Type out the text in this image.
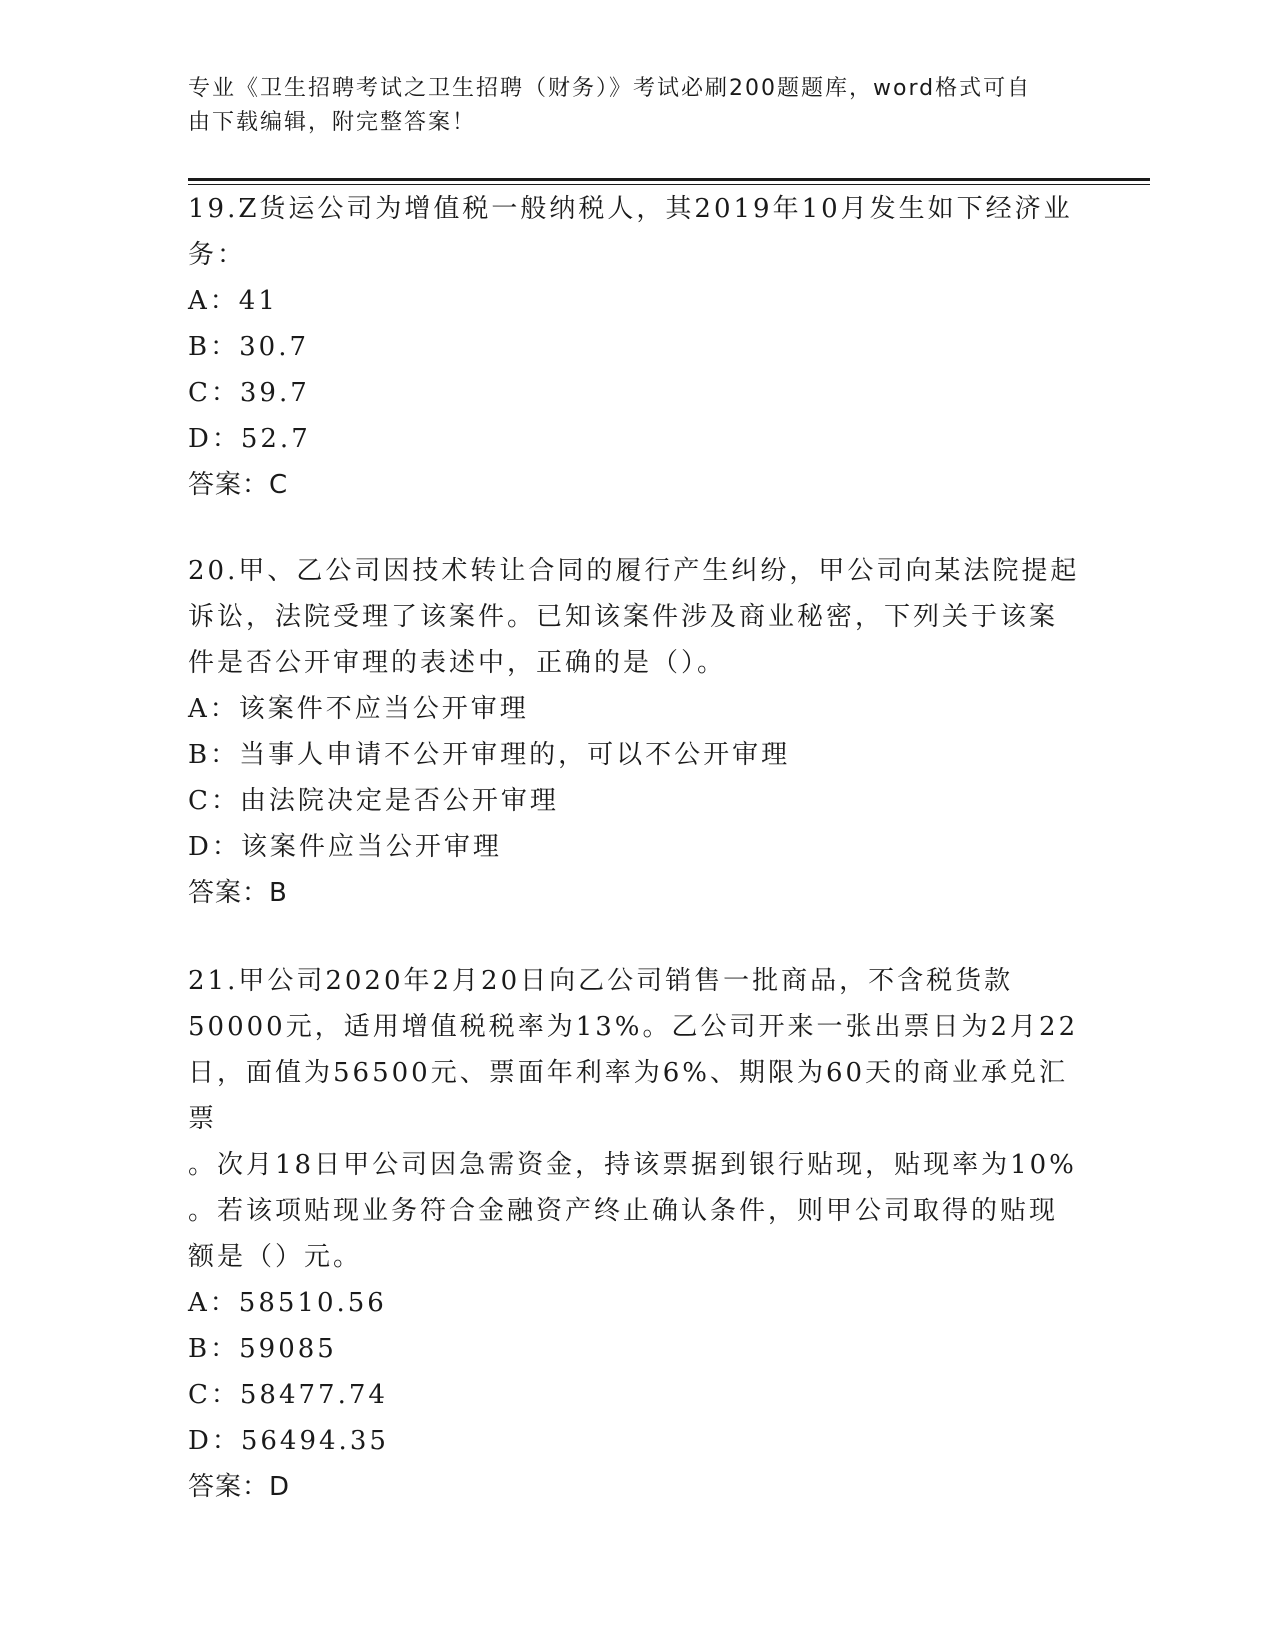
专业《卫生招聘考试之卫生招聘（财务）》考试必刷200题题库，word格式可自
由下载编辑，附完整答案！
19.Z货运公司为增值税一般纳税人，其2019年10月发生如下经济业
务：
A：41
B：30.7
C：39.7
D：52.7
答案：C
20.甲、乙公司因技术转让合同的履行产生纠纷，甲公司向某法院提起
诉讼，法院受理了该案件。已知该案件涉及商业秘密，下列关于该案
件是否公开审理的表述中，正确的是（）。
A：该案件不应当公开审理
B：当事人申请不公开审理的，可以不公开审理
C：由法院决定是否公开审理
D：该案件应当公开审理
答案：B
21.甲公司2020年2月20日向乙公司销售一批商品，不含税货款
50000元，适用增值税税率为13%。乙公司开来一张出票日为2月22
日，面值为56500元、票面年利率为6%、期限为60天的商业承兑汇票
。次月18日甲公司因急需资金，持该票据到银行贴现，贴现率为10%
。若该项贴现业务符合金融资产终止确认条件，则甲公司取得的贴现
额是（）元。
A：58510.56
B：59085
C：58477.74
D：56494.35
答案：D
